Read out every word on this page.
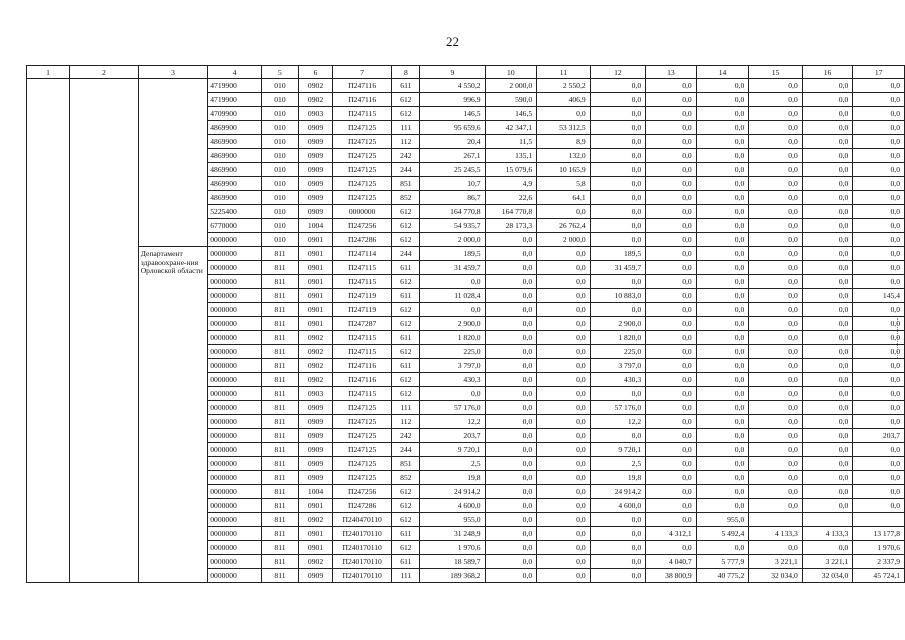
22
1	2	3	4	5	6	7	8	9	10	11	12	13	14	15	16	17
			4719900	010	0902	П247116	611	4 550,2	2 000,0	2 550,2	0,0	0,0	0,0	0,0	0,0	0,0
			4719900	010	0902	П247116	612	996,9	590,0	406,9	0,0	0,0	0,0	0,0	0,0	0,0
			4709900	010	0903	П247115	612	146,5	146,5	0,0	0,0	0,0	0,0	0,0	0,0	0,0
			4869900	010	0909	П247125	111	95 659,6	42 347,1	53 312,5	0,0	0,0	0,0	0,0	0,0	0,0
			4869900	010	0909	П247125	112	20,4	11,5	8,9	0,0	0,0	0,0	0,0	0,0	0,0
			4869900	010	0909	П247125	242	267,1	135,1	132,0	0,0	0,0	0,0	0,0	0,0	0,0
			4869900	010	0909	П247125	244	25 245,5	15 079,6	10 165,9	0,0	0,0	0,0	0,0	0,0	0,0
			4869900	010	0909	П247125	851	10,7	4,9	5,8	0,0	0,0	0,0	0,0	0,0	0,0
			4869900	010	0909	П247125	852	86,7	22,6	64,1	0,0	0,0	0,0	0,0	0,0	0,0
			5225400	010	0909	0000000	612	164 770,8	164 770,8	0,0	0,0	0,0	0,0	0,0	0,0	0,0
			6770000	010	1004	П247256	612	54 935,7	28 173,3	26 762,4	0,0	0,0	0,0	0,0	0,0	0,0
			0000000	010	0901	П247286	612	2 000,0	0,0	2 000,0	0,0	0,0	0,0	0,0	0,0	0,0
		Департамент здравоохране-ния Орловской области	0000000	811	0901	П247114	244	189,5	0,0	0,0	189,5	0,0	0,0	0,0	0,0	0,0
			0000000	811	0901	П247115	611	31 459,7	0,0	0,0	31 459,7	0,0	0,0	0,0	0,0	0,0
			0000000	811	0901	П247115	612	0,0	0,0	0,0	0,0	0,0	0,0	0,0	0,0	0,0
			0000000	811	0901	П247119	611	11 028,4	0,0	0,0	10 883,0	0,0	0,0	0,0	0,0	145,4
			0000000	811	0901	П247119	612	0,0	0,0	0,0	0,0	0,0	0,0	0,0	0,0	0,0
			0000000	811	0901	П247287	612	2 900,0	0,0	0,0	2 900,0	0,0	0,0	0,0	0,0	0,0
			0000000	811	0902	П247115	611	1 820,0	0,0	0,0	1 820,0	0,0	0,0	0,0	0,0	0,0
			0000000	811	0902	П247115	612	225,0	0,0	0,0	225,0	0,0	0,0	0,0	0,0	0,0
			0000000	811	0902	П247116	611	3 797,0	0,0	0,0	3 797,0	0,0	0,0	0,0	0,0	0,0
			0000000	811	0902	П247116	612	430,3	0,0	0,0	430,3	0,0	0,0	0,0	0,0	0,0
			0000000	811	0903	П247115	612	0,0	0,0	0,0	0,0	0,0	0,0	0,0	0,0	0,0
			0000000	811	0909	П247125	111	57 176,0	0,0	0,0	57 176,0	0,0	0,0	0,0	0,0	0,0
			0000000	811	0909	П247125	112	12,2	0,0	0,0	12,2	0,0	0,0	0,0	0,0	0,0
			0000000	811	0909	П247125	242	203,7	0,0	0,0	0,0	0,0	0,0	0,0	0,0	203,7
			0000000	811	0909	П247125	244	9 720,1	0,0	0,0	9 720,1	0,0	0,0	0,0	0,0	0,0
			0000000	811	0909	П247125	851	2,5	0,0	0,0	2,5	0,0	0,0	0,0	0,0	0,0
			0000000	811	0909	П247125	852	19,8	0,0	0,0	19,8	0,0	0,0	0,0	0,0	0,0
			0000000	811	1004	П247256	612	24 914,2	0,0	0,0	24 914,2	0,0	0,0	0,0	0,0	0,0
			0000000	811	0901	П247286	612	4 600,0	0,0	0,0	4 600,0	0,0	0,0	0,0	0,0	0,0
			0000000	811	0902	П240470110	612	955,0	0,0	0,0	0,0	0,0	955,0			
			0000000	811	0901	П240170110	611	31 248,9	0,0	0,0	0,0	4 312,1	5 492,4	4 133,3	4 133,3	13 177,8
			0000000	811	0901	П240170110	612	1 970,6	0,0	0,0	0,0	0,0	0,0	0,0	0,0	1 970,6
			0000000	811	0902	П240170110	611	18 589,7	0,0	0,0	0,0	4 040,7	5 777,9	3 221,1	3 221,1	2 337,9
			0000000	811	0909	П240170110	111	189 368,2	0,0	0,0	0,0	38 800,9	40 775,2	32 034,0	32 034,0	45 724,1
